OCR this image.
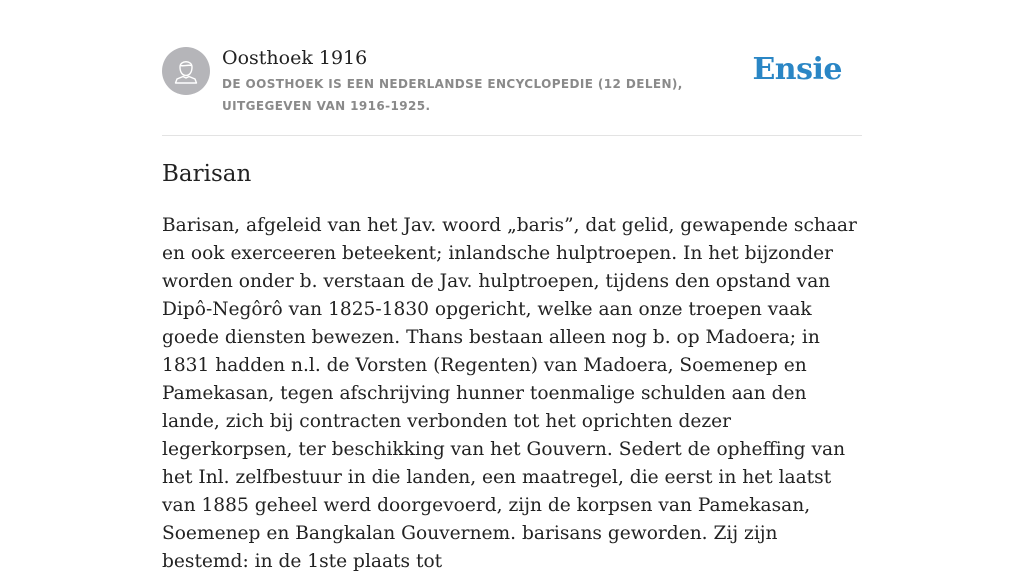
Oosthoek 1916
DE OOSTHOEK IS EEN NEDERLANDSE ENCYCLOPEDIE (12 DELEN), UITGEGEVEN VAN 1916-1925.
Ensie
Barisan

Barisan, afgeleid van het Jav. woord „baris”, dat gelid, gewapende schaar en ook exerceeren beteekent; inlandsche hulptroepen. In het bijzonder worden onder b. verstaan de Jav. hulptroepen, tijdens den opstand van Dipô-Negôrô van 1825-1830 opgericht, welke aan onze troepen vaak goede diensten bewezen. Thans bestaan alleen nog b. op Madoera; in 1831 hadden n.l. de Vorsten (Regenten) van Madoera, Soemenep en Pamekasan, tegen afschrijving hunner toenmalige schulden aan den lande, zich bij contracten verbonden tot het oprichten dezer legerkorpsen, ter beschikking van het Gouvern. Sedert de opheffing van het Inl. zelfbestuur in die landen, een maatregel, die eerst in het laatst van 1885 geheel werd doorgevoerd, zijn de korpsen van Pamekasan, Soemenep en Bangkalan Gouvernem. barisans geworden. Zij zijn bestemd: in de 1ste plaats tot
